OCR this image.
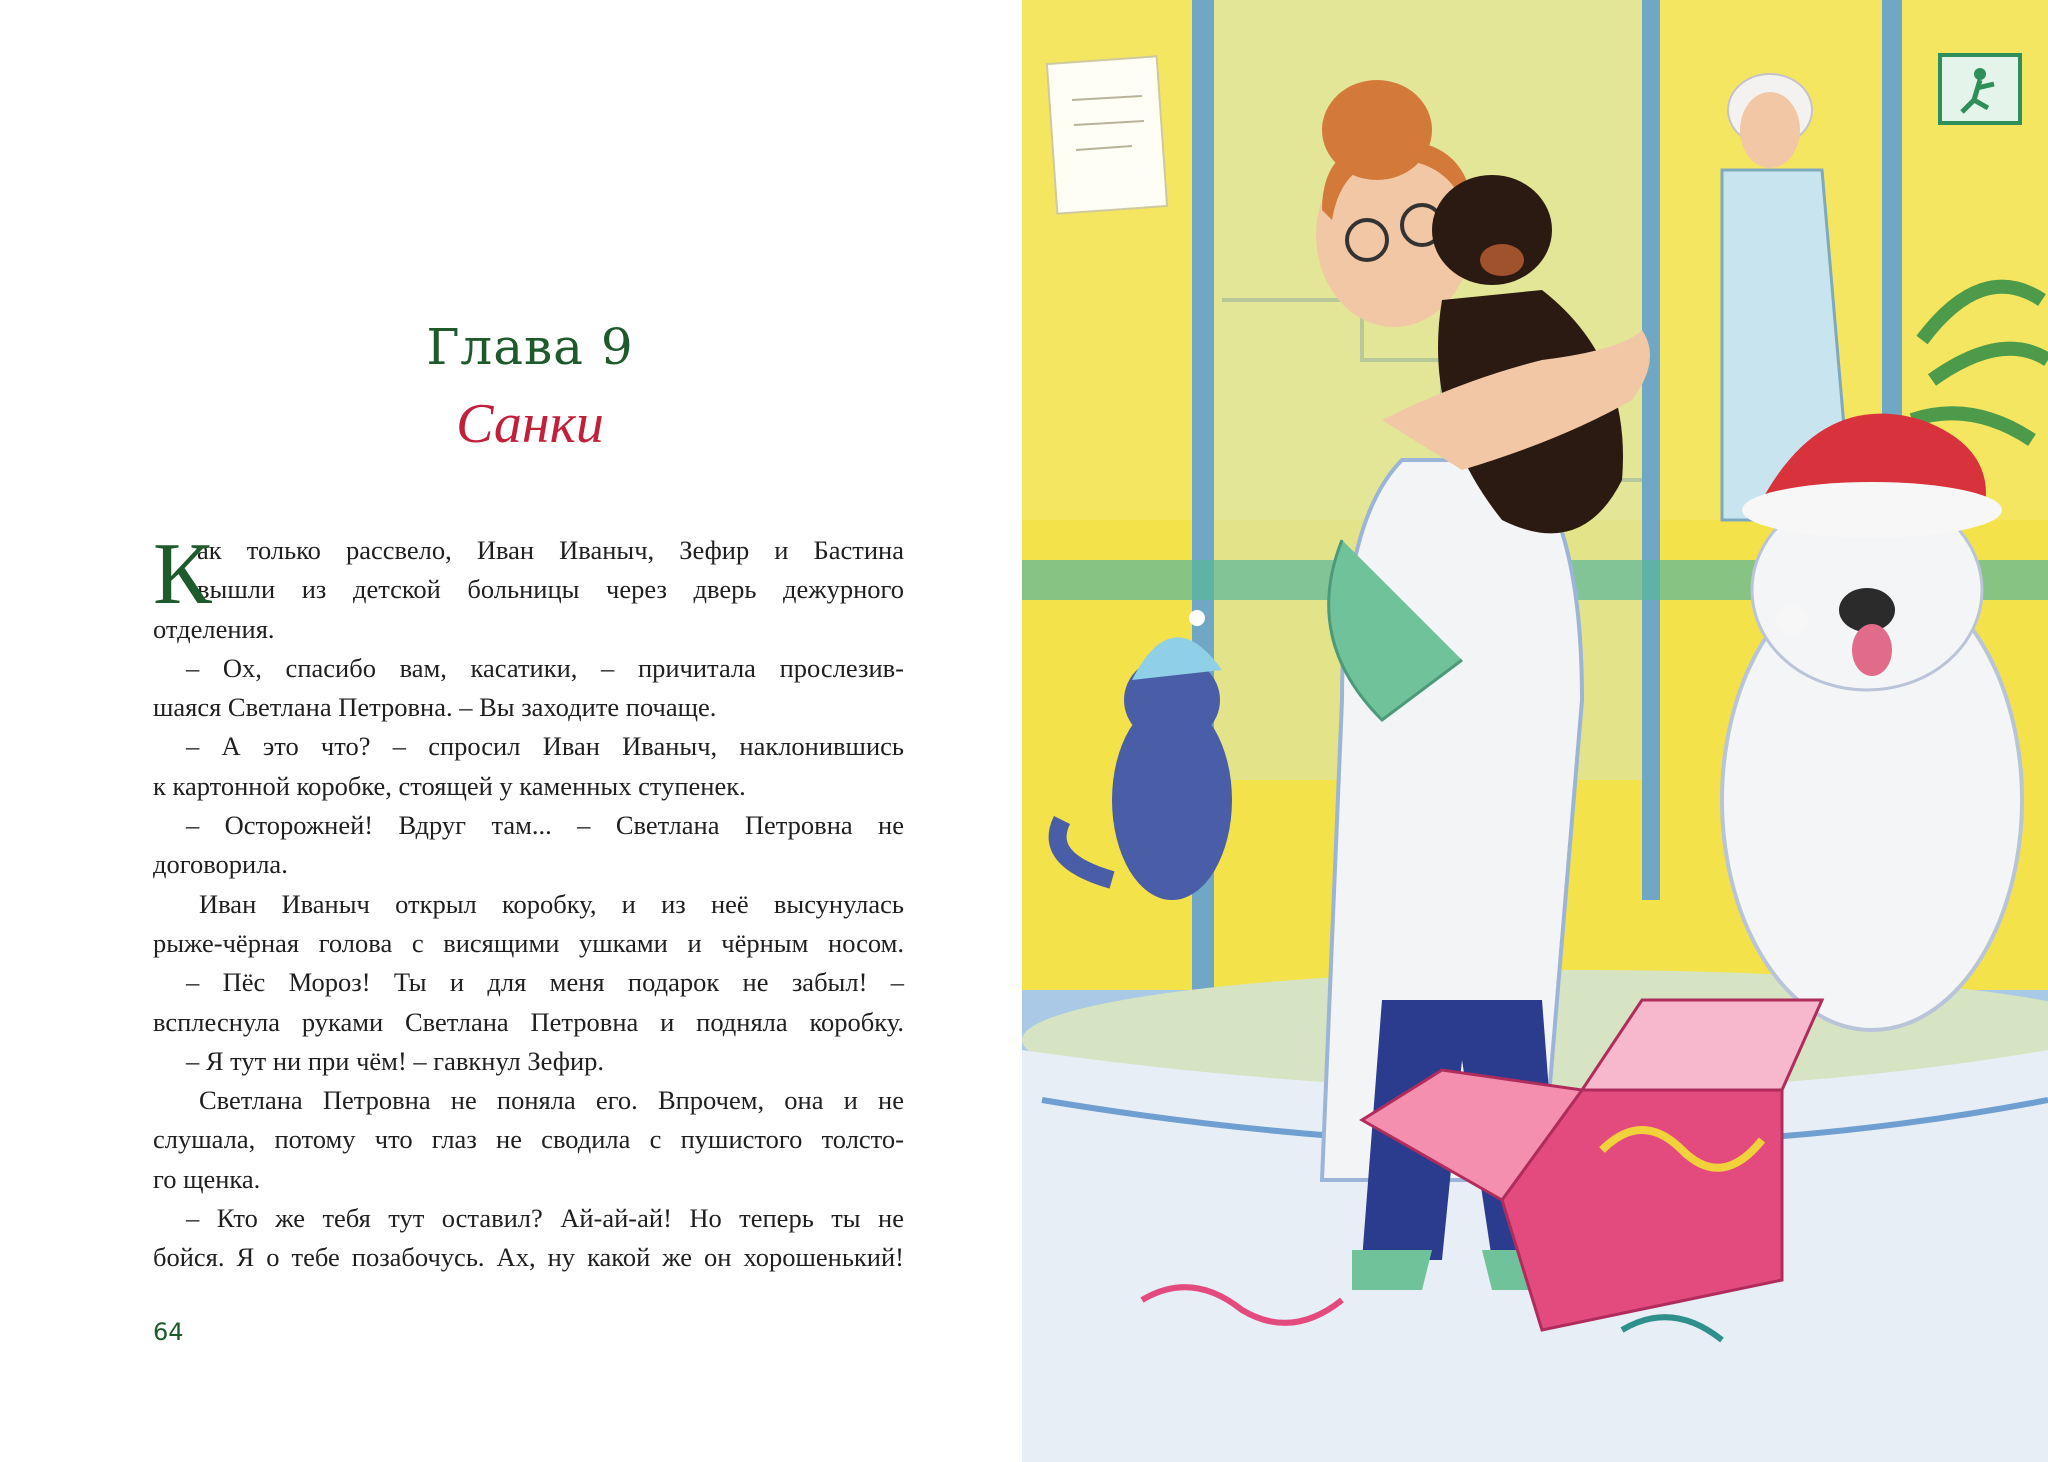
Глава 9
Санки
К
ак только рассвело, Иван Иваныч, Зефир и Бастина
вышли из детской больницы через дверь дежурного
отделения.
– Ох, спасибо вам, касатики, – причитала прослезив-
шаяся Светлана Петровна. – Вы заходите почаще.
– А это что? – спросил Иван Иваныч, наклонившись
к картонной коробке, стоящей у каменных ступенек.
– Осторожней! Вдруг там... – Светлана Петровна не
договорила.
Иван Иваныч открыл коробку, и из неё высунулась
рыже-чёрная голова с висящими ушками и чёрным носом.
– Пёс Мороз! Ты и для меня подарок не забыл! –
всплеснула руками Светлана Петровна и подняла коробку.
– Я тут ни при чём! – гавкнул Зефир.
Светлана Петровна не поняла его. Впрочем, она и не
слушала, потому что глаз не сводила с пушистого толсто-
го щенка.
– Кто же тебя тут оставил? Ай-ай-ай! Но теперь ты не
бойся. Я о тебе позабочусь. Ах, ну какой же он хорошенький!
64
